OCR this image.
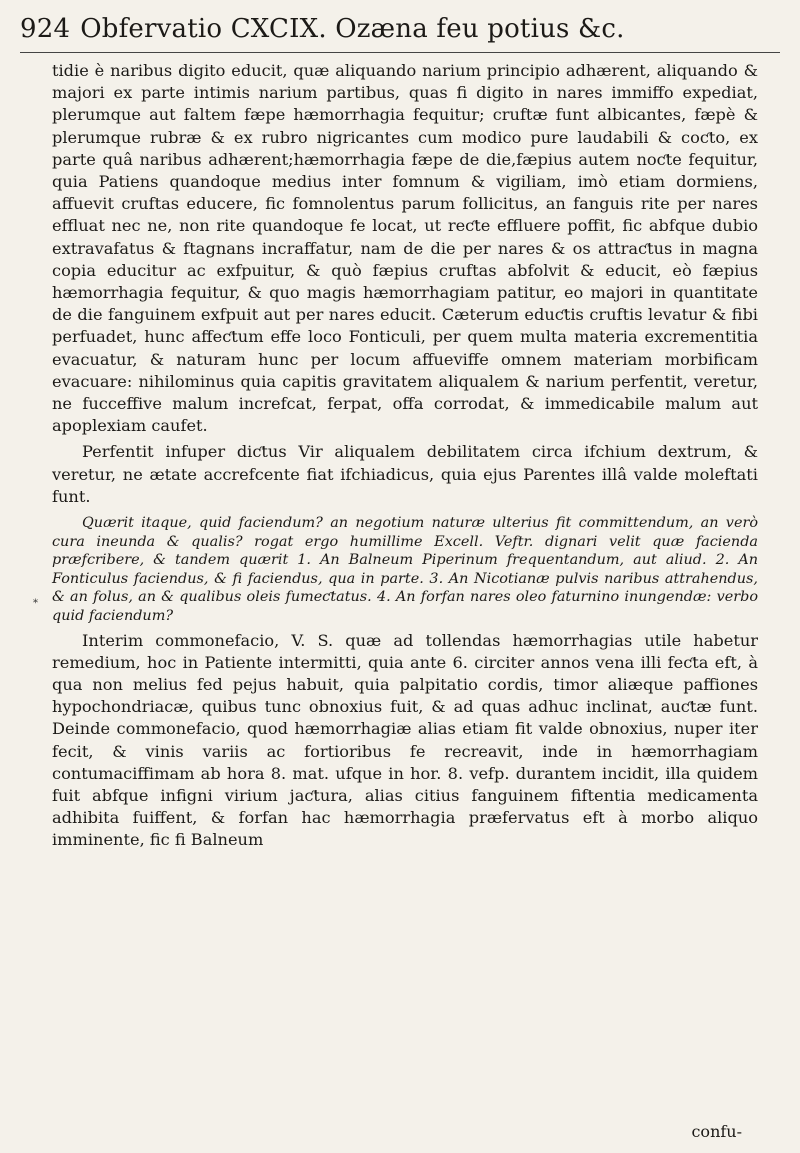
924 Obfervatio CXCIX. Ozæna feu potius &c.
*

tidie è naribus digito educit, quæ aliquando narium principio adhærent, aliquando & majori ex parte intimis narium partibus, quas fi digito in nares immiffo expediat, plerumque aut faltem fæpe hæmorrhagia fequitur; cruftæ funt albicantes, fæpè & plerumque rubræ & ex rubro nigricantes cum modico pure laudabili & coƈto, ex parte quâ naribus adhærent;hæmorrhagia fæpe de die,fæpius autem noƈte fequitur, quia Patiens quandoque medius inter fomnum & vigiliam, imò etiam dormiens, affuevit cruftas educere, fic fomnolentus parum follicitus, an fanguis rite per nares effluat nec ne, non rite quandoque fe locat, ut reƈte effluere poffit, fic abfque dubio extravafatus & ftagnans incraffatur, nam de die per nares & os attraƈtus in magna copia educitur ac exfpuitur, & quò fæpius cruftas abfolvit & educit, eò fæpius hæmorrhagia fequitur, & quo magis hæmorrhagiam patitur, eo majori in quantitate de die fanguinem exfpuit aut per nares educit. Cæterum eduƈtis cruftis levatur & fibi perfuadet, hunc affeƈtum effe loco Fonticuli, per quem multa materia excrementitia evacuatur, & naturam hunc per locum affueviffe omnem materiam morbificam evacuare: nihilominus quia capitis gravitatem aliqualem & narium perfentit, veretur, ne fucceffive malum increfcat, ferpat, offa corrodat, & immedicabile malum aut apoplexiam caufet.

Perfentit infuper diƈtus Vir aliqualem debilitatem circa ifchium dextrum, & veretur, ne ætate accrefcente fiat ifchiadicus, quia ejus Parentes illâ valde moleftati funt.

Quærit itaque, quid faciendum? an negotium naturæ ulterius fit committendum, an verò cura ineunda & qualis? rogat ergo humillime Excell. Veftr. dignari velit quæ facienda præfcribere, & tandem quærit 1. An Balneum Piperinum frequentandum, aut aliud. 2. An Fonticulus faciendus, & fi faciendus, qua in parte. 3. An Nicotianæ pulvis naribus attrahendus, & an folus, an & qualibus oleis fumeƈtatus. 4. An forfan nares oleo faturnino inungendæ: verbo quid faciendum?

Interim commonefacio, V. S. quæ ad tollendas hæmorrhagias utile habetur remedium, hoc in Patiente intermitti, quia ante 6. circiter annos vena illi feƈta eft, à qua non melius fed pejus habuit, quia palpitatio cordis, timor aliæque paffiones hypochondriacæ, quibus tunc obnoxius fuit, & ad quas adhuc inclinat, auƈtæ funt. Deinde commonefacio, quod hæmorrhagiæ alias etiam fit valde obnoxius, nuper iter fecit, & vinis variis ac fortioribus fe recreavit, inde in hæmorrhagiam contumaciffimam ab hora 8. mat. ufque in hor. 8. vefp. durantem incidit, illa quidem fuit abfque infigni virium jaƈtura, alias citius fanguinem fiftentia medicamenta adhibita fuiffent, & forfan hac hæmorrhagia præfervatus eft à morbo aliquo imminente, fic fi Balneum

confu-
